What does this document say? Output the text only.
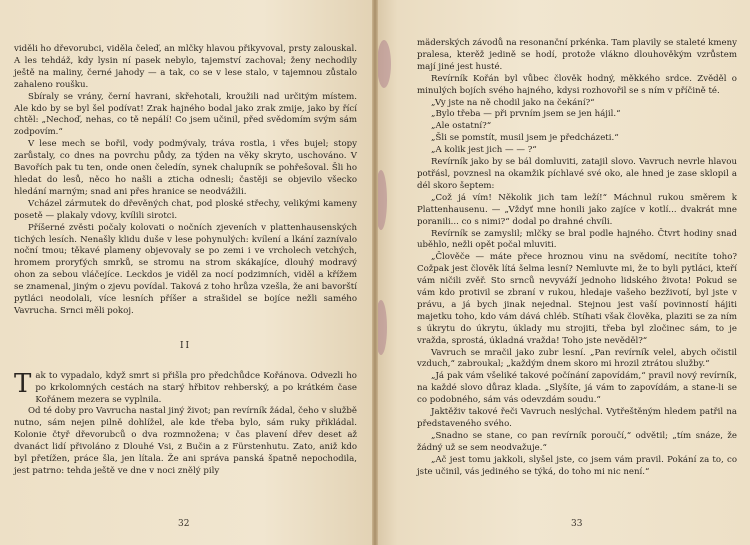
viděli ho dřevorubci, viděla čeleď, an mlčky hlavou přikyvoval, prsty zalouskal. A les tehdáž, kdy lysin ní pasek nebylo, tajemství zachoval; ženy nechodily ještě na maliny, černé jahody — a tak, co se v lese stalo, v tajemnou zůstalo zahaleno roušku.

Sbíraly se vrány, černí havrani, skřehotali, kroužili nad určitým místem. Ale kdo by se byl šel podívat! Zrak hajného bodal jako zrak zmije, jako by řící chtěl: „Nechoď, nehas, co tě nepálí! Co jsem učinil, před svědomím svým sám zodpovím.“

V lese mech se bořil, vody podmývaly, tráva rostla, i vřes bujel; stopy zarůstaly, co dnes na povrchu půdy, za týden na věky skryto, uschováno. V Bavořích pak tu ten, onde onen čeledín, synek chalupník se pohřešoval. Šli ho hledat do lesů, něco ho našli a zticha odnesli; častěji se objevilo všecko hledání marným; snad ani přes hranice se neodvážili.

Vcházel zármutek do dřevěných chat, pod ploské střechy, velikými kameny posetě — plakaly vdovy, kvílili sirotci.

Příšerné zvěsti počaly kolovati o nočních zjeveních v plattenhausenských tichých lesích. Nenašly klidu duše v lese pohynulých: kvílení a lkání zaznívalo noční tmou; těkavé plameny objevovaly se po zemi i ve vrcholech vetchých, hromem proryťých smrků, se stromu na strom skákajíce, dlouhý modravý ohon za sebou vláčejíce. Leckdos je viděl za nocí podzimních, viděl a křížem se znamenal, jiným o zjevu povídal. Taková z toho hrůza vzešla, že ani bavorští pytláci neodolali, více lesních příšer a strašidel se bojíce nežli samého Vavrucha. Srnci měli pokoj.

II

Tak to vypadalo, když smrt si přišla pro předchůdce Kořánova. Odvezli ho po krkolomných cestách na starý hřbitov rehberský, a po krátkém čase Kořánem mezera se vyplnila.

Od té doby pro Vavrucha nastal jiný život; pan revírník žádal, čeho v službě nutno, sám nejen pilně dohlížel, ale kde třeba bylo, sám ruky přikládal. Kolonie čtyř dřevorubců o dva rozmnožena; v čas plavení dřev deset až dvanáct lidí přivoláno z Dlouhé Vsi, z Bučin a z Fürstenhutu. Zato, aniž kdo byl přetížen, práce šla, jen lítala. Že ani správa panská špatně nepochodila, jest patrno: tehda ještě ve dne v noci znělý pily

32

mäderských závodů na resonanční prkénka. Tam plavily se staleté kmeny pralesa, kterěž jedině se hodí, protože vlákno dlouhověkým vzrůstem mají jiné jest husté.

Revírník Kořán byl vůbec člověk hodný, měkkého srdce. Zvěděl o minulých bojích svého hajného, kdysi rozhovořil se s ním v příčině té.

„Vy jste na ně chodil jako na čekání?“

„Bylo třeba — při prvním jsem se jen hájil.“

„Ale ostatní?“

„Šli se pomstít, musil jsem je předcházeti.“

„A kolik jest jich — — ?“

Revírník jako by se bál domluviti, zatajil slovo. Vavruch nevrle hlavou potřásl, povznesl na okamžik píchlavé své oko, ale hned je zase sklopil a dél skoro šeptem:

„Což já vím! Několik jich tam leží!“ Máchnul rukou směrem k Plattenhausenu. — „Vždyť mne honili jako zajíce v kotlí... dvakrát mne poranili... co s nimi?“ dodal po drahné chvíli.

Revírník se zamyslil; mlčky se bral podle hajného. Čtvrt hodiny snad uběhlo, nežli opět počal mluviti.

„Člověče — máte přece hroznou vinu na svědomí, necitíte toho? Cožpak jest člověk lítá šelma lesní? Nemluvte mi, že to byli pytláci, kteří vám ničili zvěř. Sto srnců nevyváží jednoho lidského života! Pokud se vám kdo protivil se zbraní v rukou, hledaje vašeho bezživotí, byl jste v právu, a já bych jinak nejednal. Stejnou jest vaší povinností hájiti majetku toho, kdo vám dává chléb. Stíhati však člověka, plaziti se za ním s úkrytu do úkrytu, úklady mu strojiti, třeba byl zločinec sám, to je vražda, sprostá, úkladná vražda! Toho jste nevěděl?“

Vavruch se mračil jako zubr lesní. „Pan revírník velel, abych očistil vzduch,“ zabroukal; „každým dnem skoro mi hrozil ztrátou služby.“

„Já pak vám všeliké takové počínání zapovídám,“ pravil nový revírník, na každé slovo důraz klada. „Slyšíte, já vám to zapovídám, a stane-li se co podobného, sám vás odevzdám soudu.“

Jaktěživ takové řeči Vavruch neslýchal. Vytřeštěným hledem patřil na představeného svého.

„Snadno se stane, co pan revírník poroučí,“ odvětil; „tím snáze, že žádný už se sem neodvažuje.“

„Ač jest tomu jakkoli, slyšel jste, co jsem vám pravil. Pokání za to, co jste učinil, vás jediného se týká, do toho mi nic není.“

33
